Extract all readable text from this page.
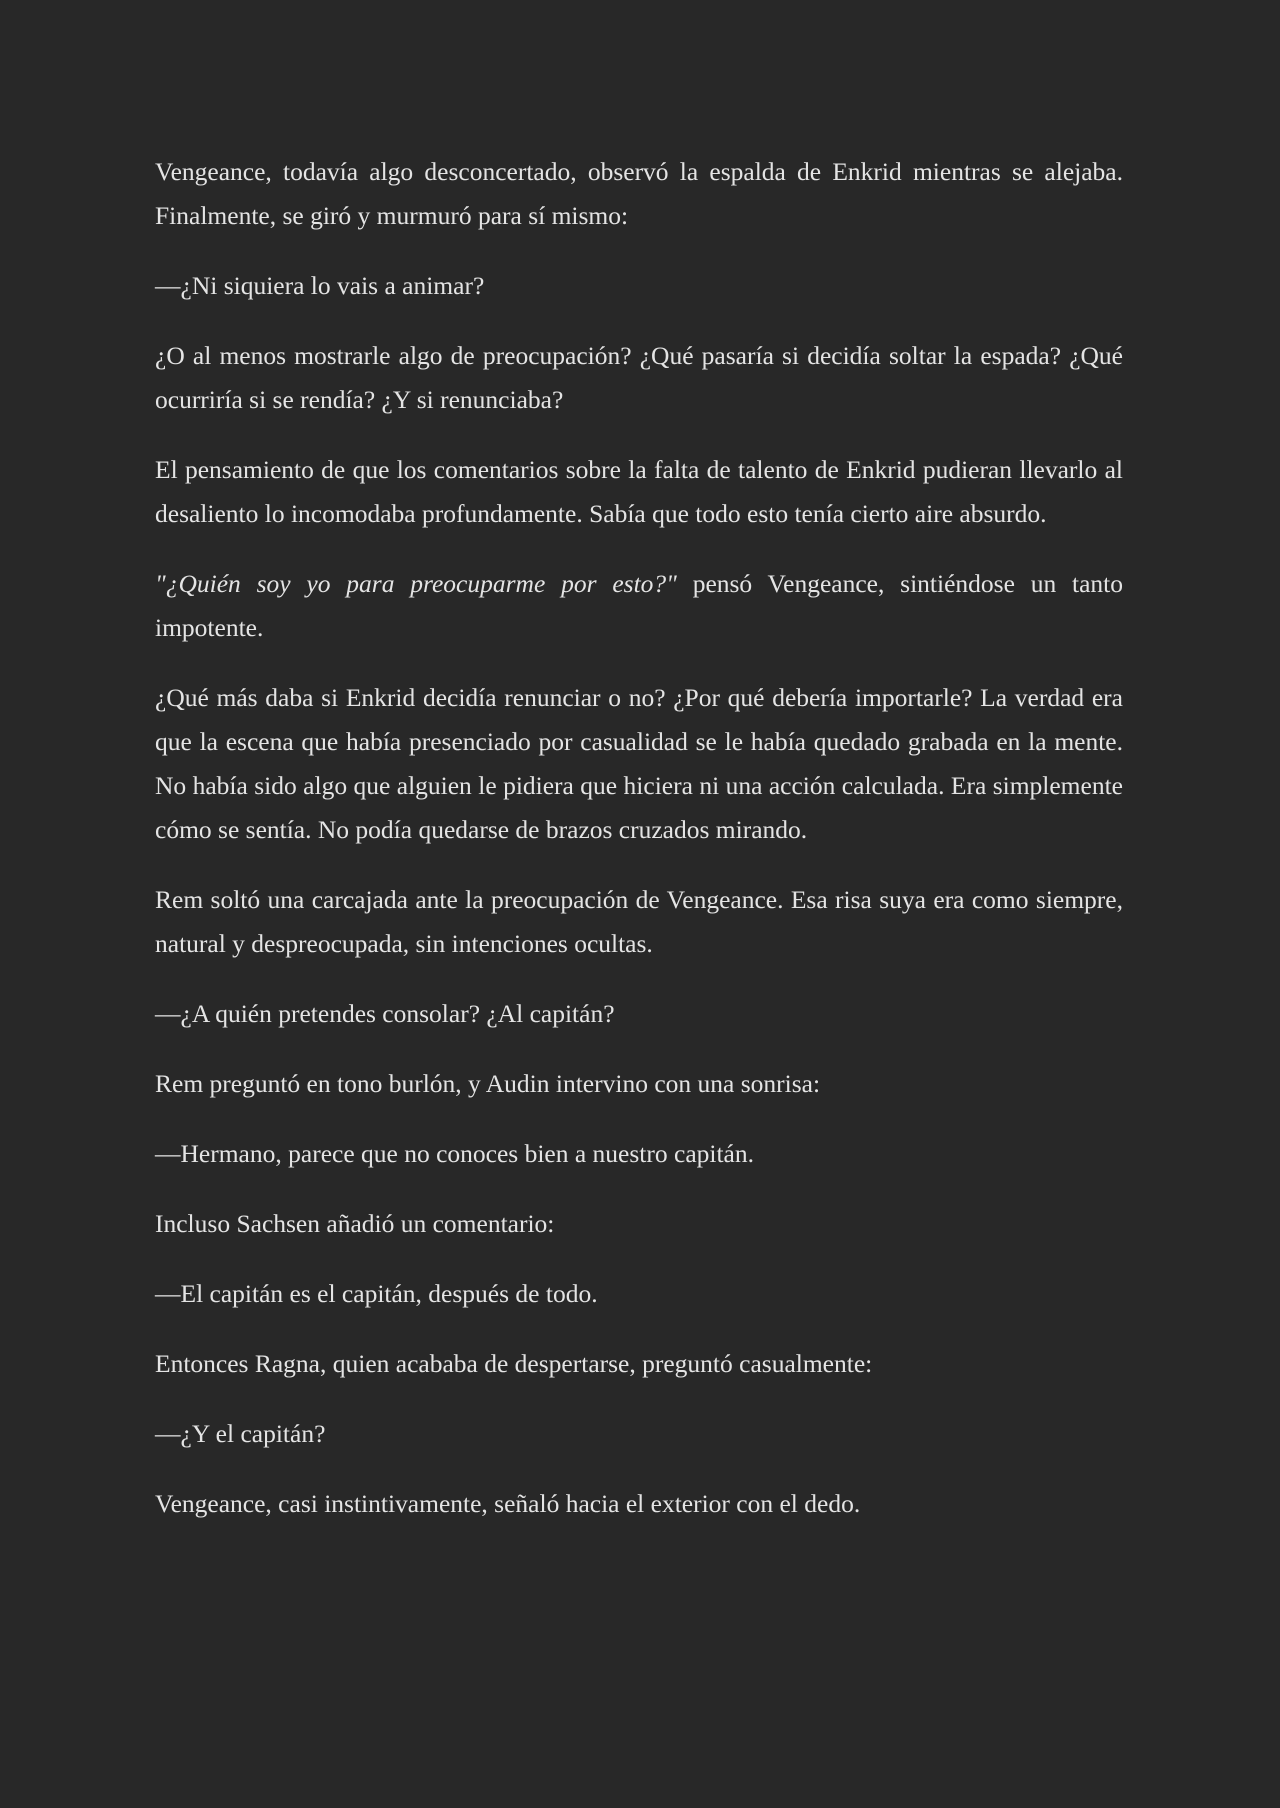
Vengeance, todavía algo desconcertado, observó la espalda de Enkrid mientras se alejaba. Finalmente, se giró y murmuró para sí mismo:

—¿Ni siquiera lo vais a animar?

¿O al menos mostrarle algo de preocupación? ¿Qué pasaría si decidía soltar la espada? ¿Qué ocurriría si se rendía? ¿Y si renunciaba?

El pensamiento de que los comentarios sobre la falta de talento de Enkrid pudieran llevarlo al desaliento lo incomodaba profundamente. Sabía que todo esto tenía cierto aire absurdo.

"¿Quién soy yo para preocuparme por esto?" pensó Vengeance, sintiéndose un tanto impotente.

¿Qué más daba si Enkrid decidía renunciar o no? ¿Por qué debería importarle? La verdad era que la escena que había presenciado por casualidad se le había quedado grabada en la mente. No había sido algo que alguien le pidiera que hiciera ni una acción calculada. Era simplemente cómo se sentía. No podía quedarse de brazos cruzados mirando.

Rem soltó una carcajada ante la preocupación de Vengeance. Esa risa suya era como siempre, natural y despreocupada, sin intenciones ocultas.

—¿A quién pretendes consolar? ¿Al capitán?

Rem preguntó en tono burlón, y Audin intervino con una sonrisa:

—Hermano, parece que no conoces bien a nuestro capitán.

Incluso Sachsen añadió un comentario:

—El capitán es el capitán, después de todo.

Entonces Ragna, quien acababa de despertarse, preguntó casualmente:

—¿Y el capitán?

Vengeance, casi instintivamente, señaló hacia el exterior con el dedo.
